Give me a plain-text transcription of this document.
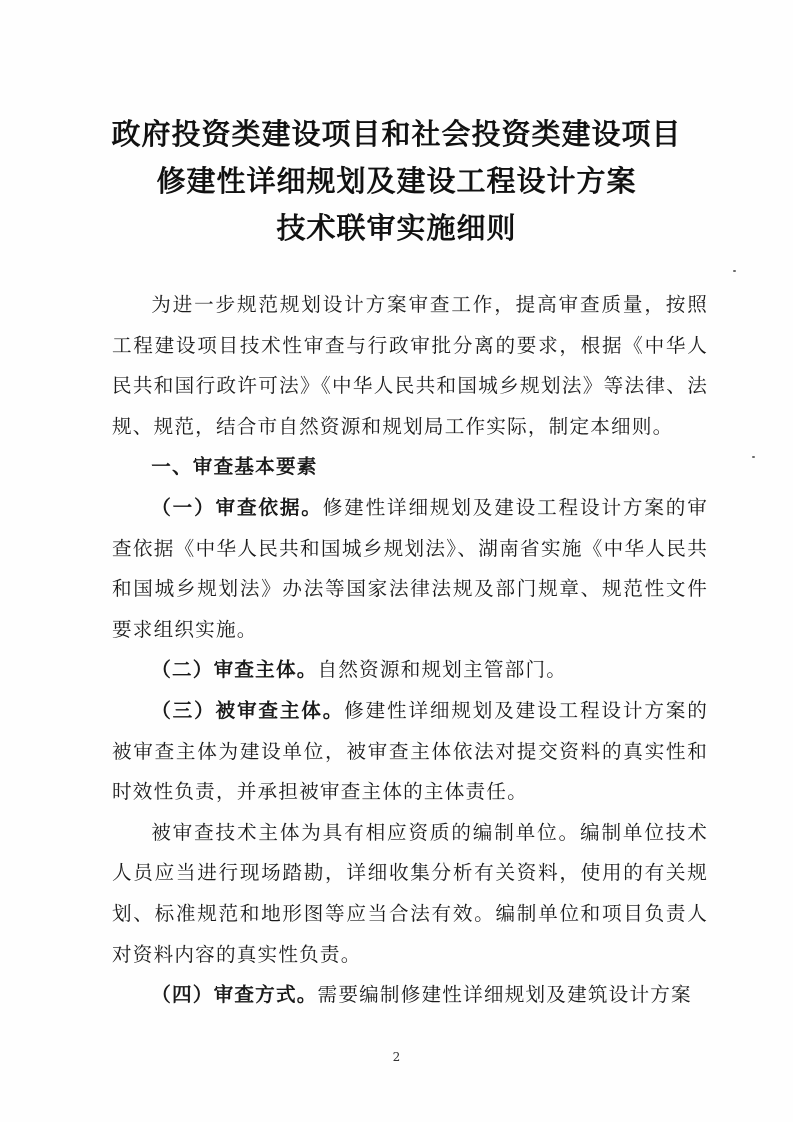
政府投资类建设项目和社会投资类建设项目
修建性详细规划及建设工程设计方案
技术联审实施细则

为进一步规范规划设计方案审查工作，提高审查质量，按照工程建设项目技术性审查与行政审批分离的要求，根据《中华人民共和国行政许可法》《中华人民共和国城乡规划法》等法律、法规、规范，结合市自然资源和规划局工作实际，制定本细则。

一、审查基本要素

（一）审查依据。修建性详细规划及建设工程设计方案的审查依据《中华人民共和国城乡规划法》、湖南省实施《中华人民共和国城乡规划法》办法等国家法律法规及部门规章、规范性文件要求组织实施。

（二）审查主体。自然资源和规划主管部门。

（三）被审查主体。修建性详细规划及建设工程设计方案的被审查主体为建设单位，被审查主体依法对提交资料的真实性和时效性负责，并承担被审查主体的主体责任。

被审查技术主体为具有相应资质的编制单位。编制单位技术人员应当进行现场踏勘，详细收集分析有关资料，使用的有关规划、标准规范和地形图等应当合法有效。编制单位和项目负责人对资料内容的真实性负责。

（四）审查方式。需要编制修建性详细规划及建筑设计方案

2
